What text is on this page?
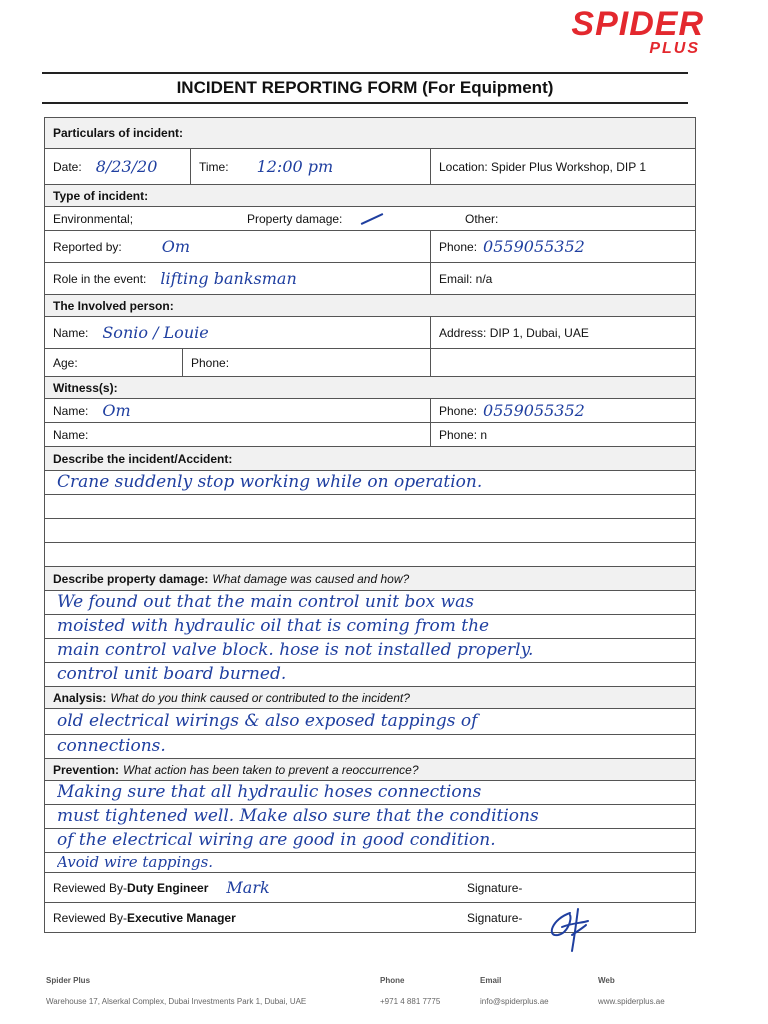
SPIDER
PLUS
INCIDENT REPORTING FORM (For Equipment)
Particulars of incident:
Date: 8/23/20	Time: 12:00 pm	Location: Spider Plus Workshop, DIP 1
Type of incident:
Environmental;	Property damage:	Other:
Reported by:	Om	Phone: 0559055352
Role in the event: lifting banksman	Email: n/a
The Involved person:
Name: Sonio / Louie	Address: DIP 1, Dubai, UAE
Age:	Phone:
Witness(s):
Name: Om	Phone: 0559055352
Name:	Phone: n
Describe the incident/Accident:
Crane suddenly stop working while on operation.
Describe property damage: What damage was caused and how?
We found out that the main control unit box was
moisted with hydraulic oil that is coming from the
main control valve block. hose is not installed properly.
control unit board burned.
Analysis: What do you think caused or contributed to the incident?
old electrical wirings & also exposed tappings of
connections.
Prevention: What action has been taken to prevent a reoccurrence?
Making sure that all hydraulic hoses connections
must tightened well. Make also sure that the conditions
of the electrical wiring are good in good condition.
Avoid wire tappings.
Reviewed By- Duty Engineer Mark	Signature-
Reviewed By- Executive Manager	Signature-
Spider Plus
Warehouse 17, Alserkal Complex, Dubai Investments Park 1, Dubai, UAE
Phone
+971 4 881 7775
Email
info@spiderplus.ae
Web
www.spiderplus.ae
